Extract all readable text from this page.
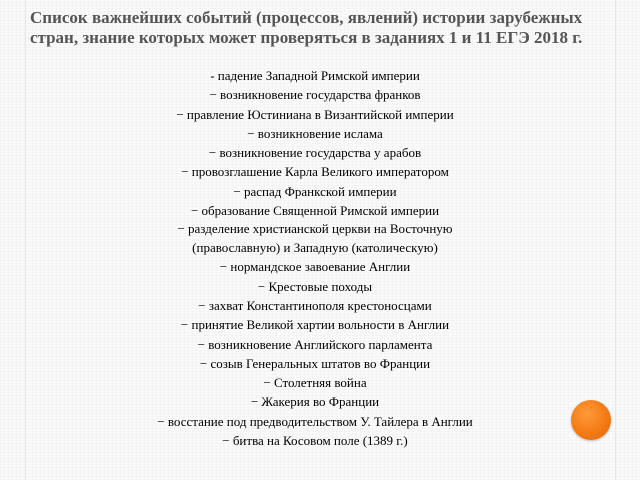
Список важнейших событий (процессов, явлений) истории зарубежных стран, знание которых может проверяться в заданиях 1 и 11 ЕГЭ 2018 г.
- падение Западной Римской империи
− возникновение государства франков
− правление Юстиниана в Византийской империи
− возникновение ислама
− возникновение государства у арабов
− провозглашение Карла Великого императором
− распад Франкской империи
− образование Священной Римской империи
− разделение христианской церкви на Восточную
(православную) и Западную (католическую)
− нормандское завоевание Англии
− Крестовые походы
− захват Константинополя крестоносцами
− принятие Великой хартии вольности в Англии
− возникновение Английского парламента
− созыв Генеральных штатов во Франции
− Столетняя война
− Жакерия во Франции
− восстание под предводительством У. Тайлера в Англии
− битва на Косовом поле (1389 г.)
